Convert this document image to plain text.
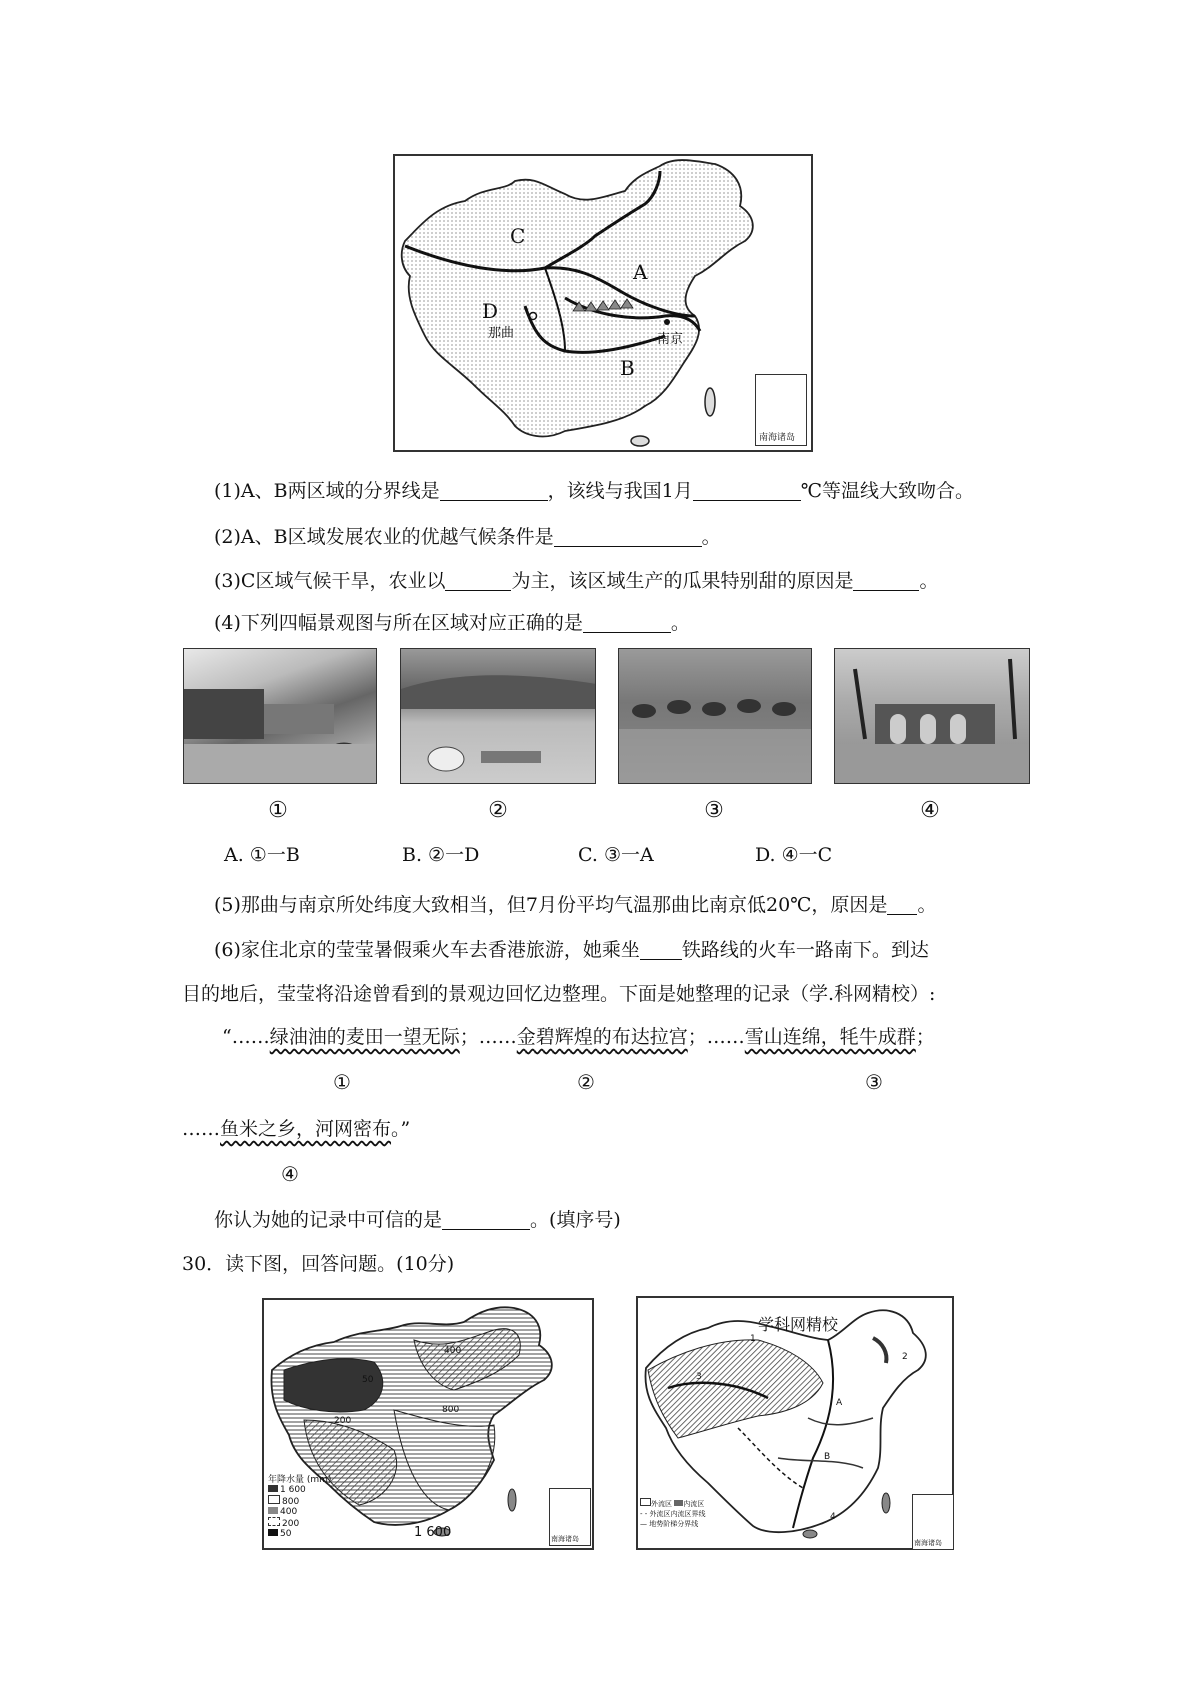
C
A
D
B
那曲	南京
南海诸岛
(1)A、B两区域的分界线是	，该线与我国1月	℃等温线大致吻合。
(2)A、B区域发展农业的优越气候条件是	。
(3)C区域气候干旱，农业以	为主，该区域生产的瓜果特别甜的原因是	。
(4)下列四幅景观图与所在区域对应正确的是	。
①	②	③	④
A. ①一B	B. ②一D	C. ③一A	D. ④一C
(5)那曲与南京所处纬度大致相当，但7月份平均气温那曲比南京低20℃，原因是 。
(6)家住北京的莹莹暑假乘火车去香港旅游，她乘坐 铁路线的火车一路南下。到达
目的地后，莹莹将沿途曾看到的景观边回忆边整理。下面是她整理的记录（学.科网精校）:
“……绿油油的麦田一望无际；……金碧辉煌的布达拉宫；……雪山连绵，牦牛成群；
①	②	③
……鱼米之乡，河网密布。”
④
你认为她的记录中可信的是	。(填序号)
30．读下图，回答问题。(10分)
50
400
800
200
1 600
年降水量 (mm)
1 600
800
400
200
50	南海诸岛
学科网精校
1
2
3
A
B
4
外流区 内流区
- - 外流区内流区界线
— 地势阶梯分界线
南海诸岛
